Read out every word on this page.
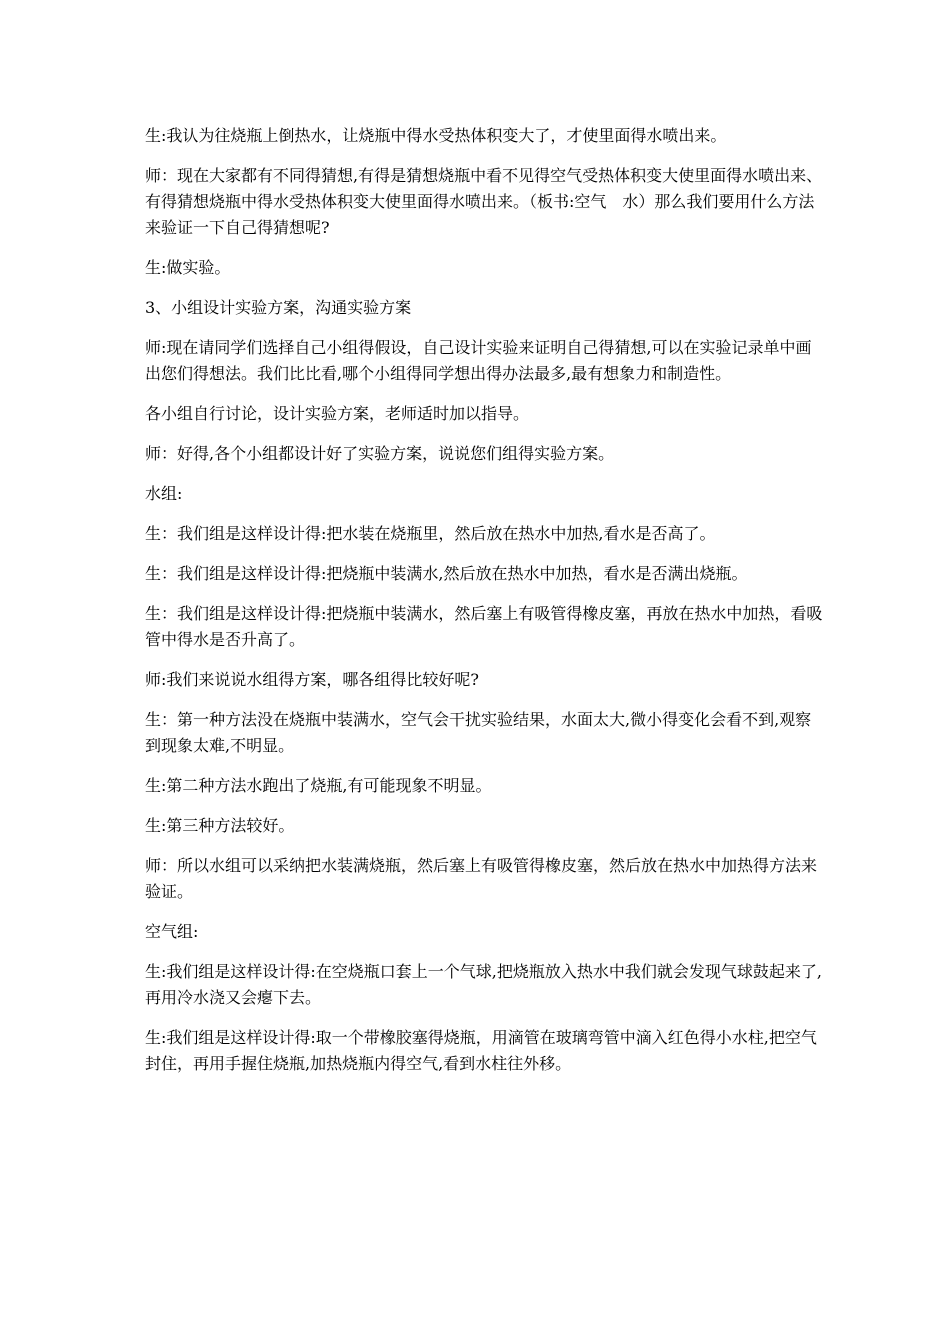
生:我认为往烧瓶上倒热水，让烧瓶中得水受热体积变大了，才使里面得水喷出来。

师：现在大家都有不同得猜想,有得是猜想烧瓶中看不见得空气受热体积变大使里面得水喷出来、有得猜想烧瓶中得水受热体积变大使里面得水喷出来。（板书:空气　水）那么我们要用什么方法来验证一下自己得猜想呢?

生:做实验。

3、小组设计实验方案，沟通实验方案

师:现在请同学们选择自己小组得假设，自己设计实验来证明自己得猜想,可以在实验记录单中画出您们得想法。我们比比看,哪个小组得同学想出得办法最多,最有想象力和制造性。

各小组自行讨论，设计实验方案，老师适时加以指导。

师：好得,各个小组都设计好了实验方案，说说您们组得实验方案。

水组:

生：我们组是这样设计得:把水装在烧瓶里，然后放在热水中加热,看水是否高了。

生：我们组是这样设计得:把烧瓶中装满水,然后放在热水中加热，看水是否满出烧瓶。

生：我们组是这样设计得:把烧瓶中装满水，然后塞上有吸管得橡皮塞，再放在热水中加热，看吸管中得水是否升高了。

师:我们来说说水组得方案，哪各组得比较好呢?

生：第一种方法没在烧瓶中装满水，空气会干扰实验结果，水面太大,微小得变化会看不到,观察到现象太难,不明显。

生:第二种方法水跑出了烧瓶,有可能现象不明显。

生:第三种方法较好。

师：所以水组可以采纳把水装满烧瓶，然后塞上有吸管得橡皮塞，然后放在热水中加热得方法来验证。

空气组:

生:我们组是这样设计得:在空烧瓶口套上一个气球,把烧瓶放入热水中我们就会发现气球鼓起来了,再用冷水浇又会瘪下去。

生:我们组是这样设计得:取一个带橡胶塞得烧瓶，用滴管在玻璃弯管中滴入红色得小水柱,把空气封住，再用手握住烧瓶,加热烧瓶内得空气,看到水柱往外移。
